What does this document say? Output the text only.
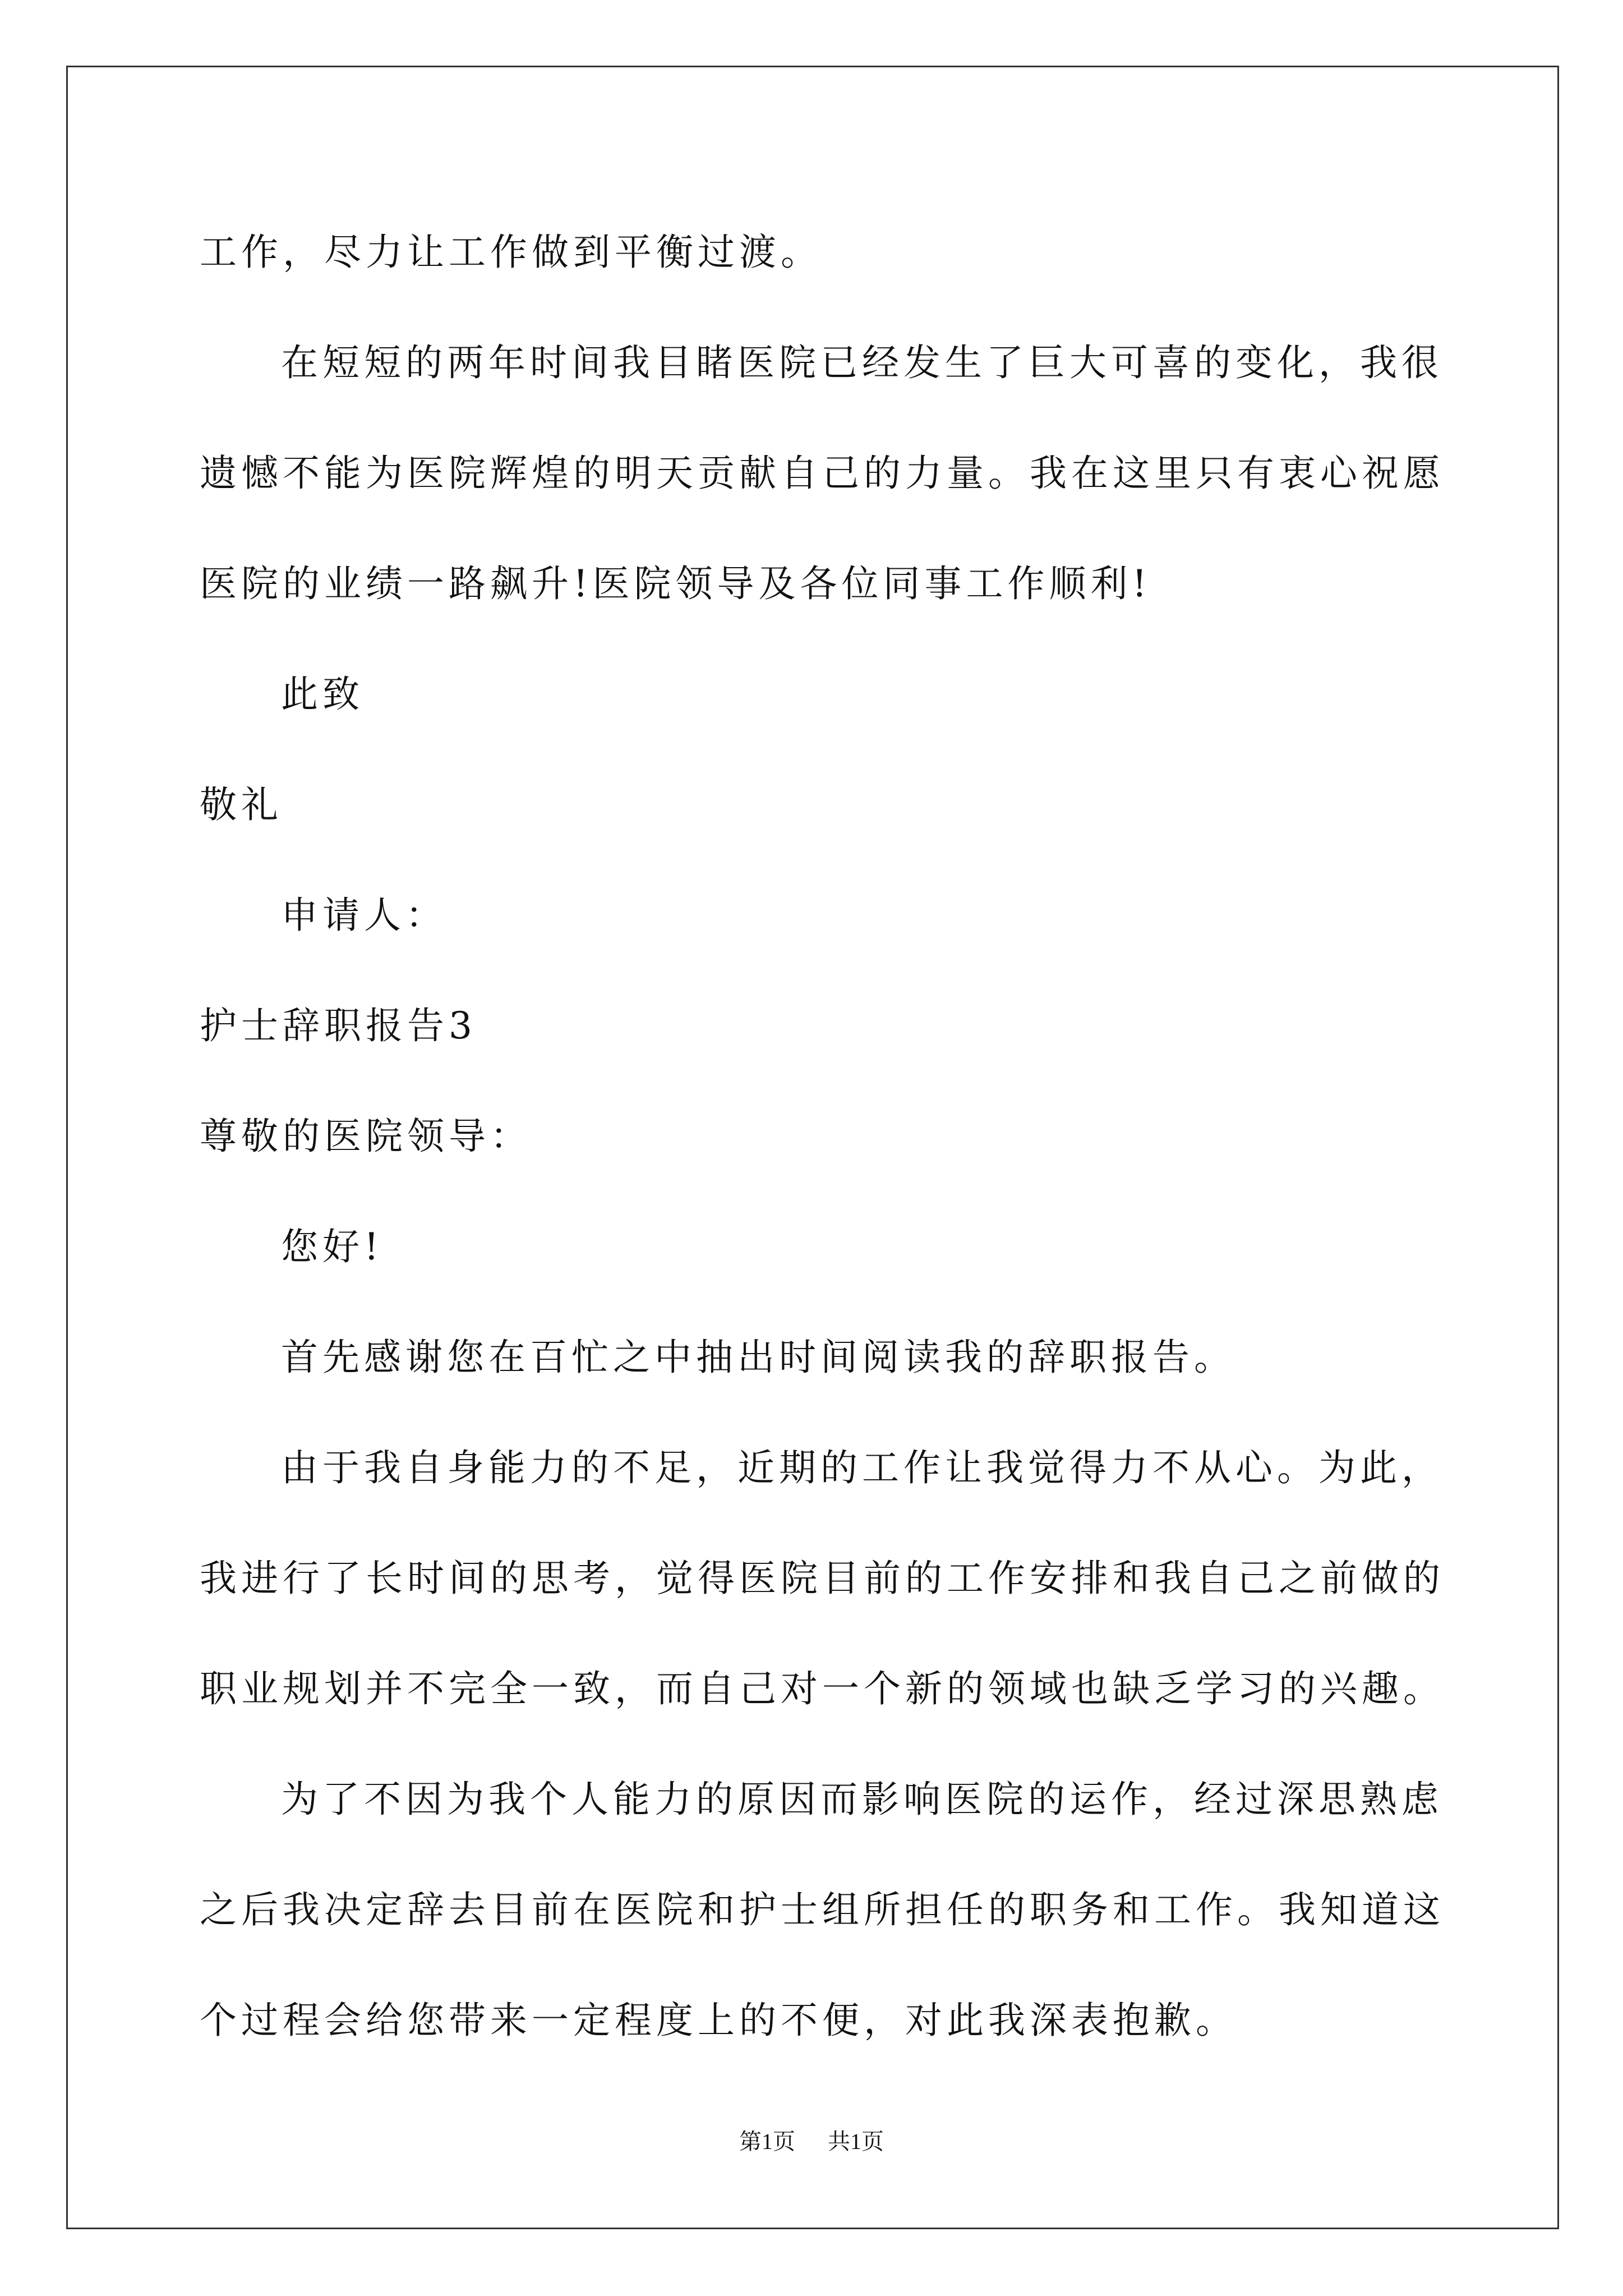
工作，尽力让工作做到平衡过渡。
在短短的两年时间我目睹医院已经发生了巨大可喜的变化，我很
遗憾不能为医院辉煌的明天贡献自己的力量。我在这里只有衷心祝愿
医院的业绩一路飙升!医院领导及各位同事工作顺利!
此致
敬礼
申请人：
护士辞职报告3
尊敬的医院领导：
您好!
首先感谢您在百忙之中抽出时间阅读我的辞职报告。
由于我自身能力的不足，近期的工作让我觉得力不从心。为此，
我进行了长时间的思考，觉得医院目前的工作安排和我自己之前做的
职业规划并不完全一致，而自己对一个新的领域也缺乏学习的兴趣。
为了不因为我个人能力的原因而影响医院的运作，经过深思熟虑
之后我决定辞去目前在医院和护士组所担任的职务和工作。我知道这
个过程会给您带来一定程度上的不便，对此我深表抱歉。
第1页 共1页
